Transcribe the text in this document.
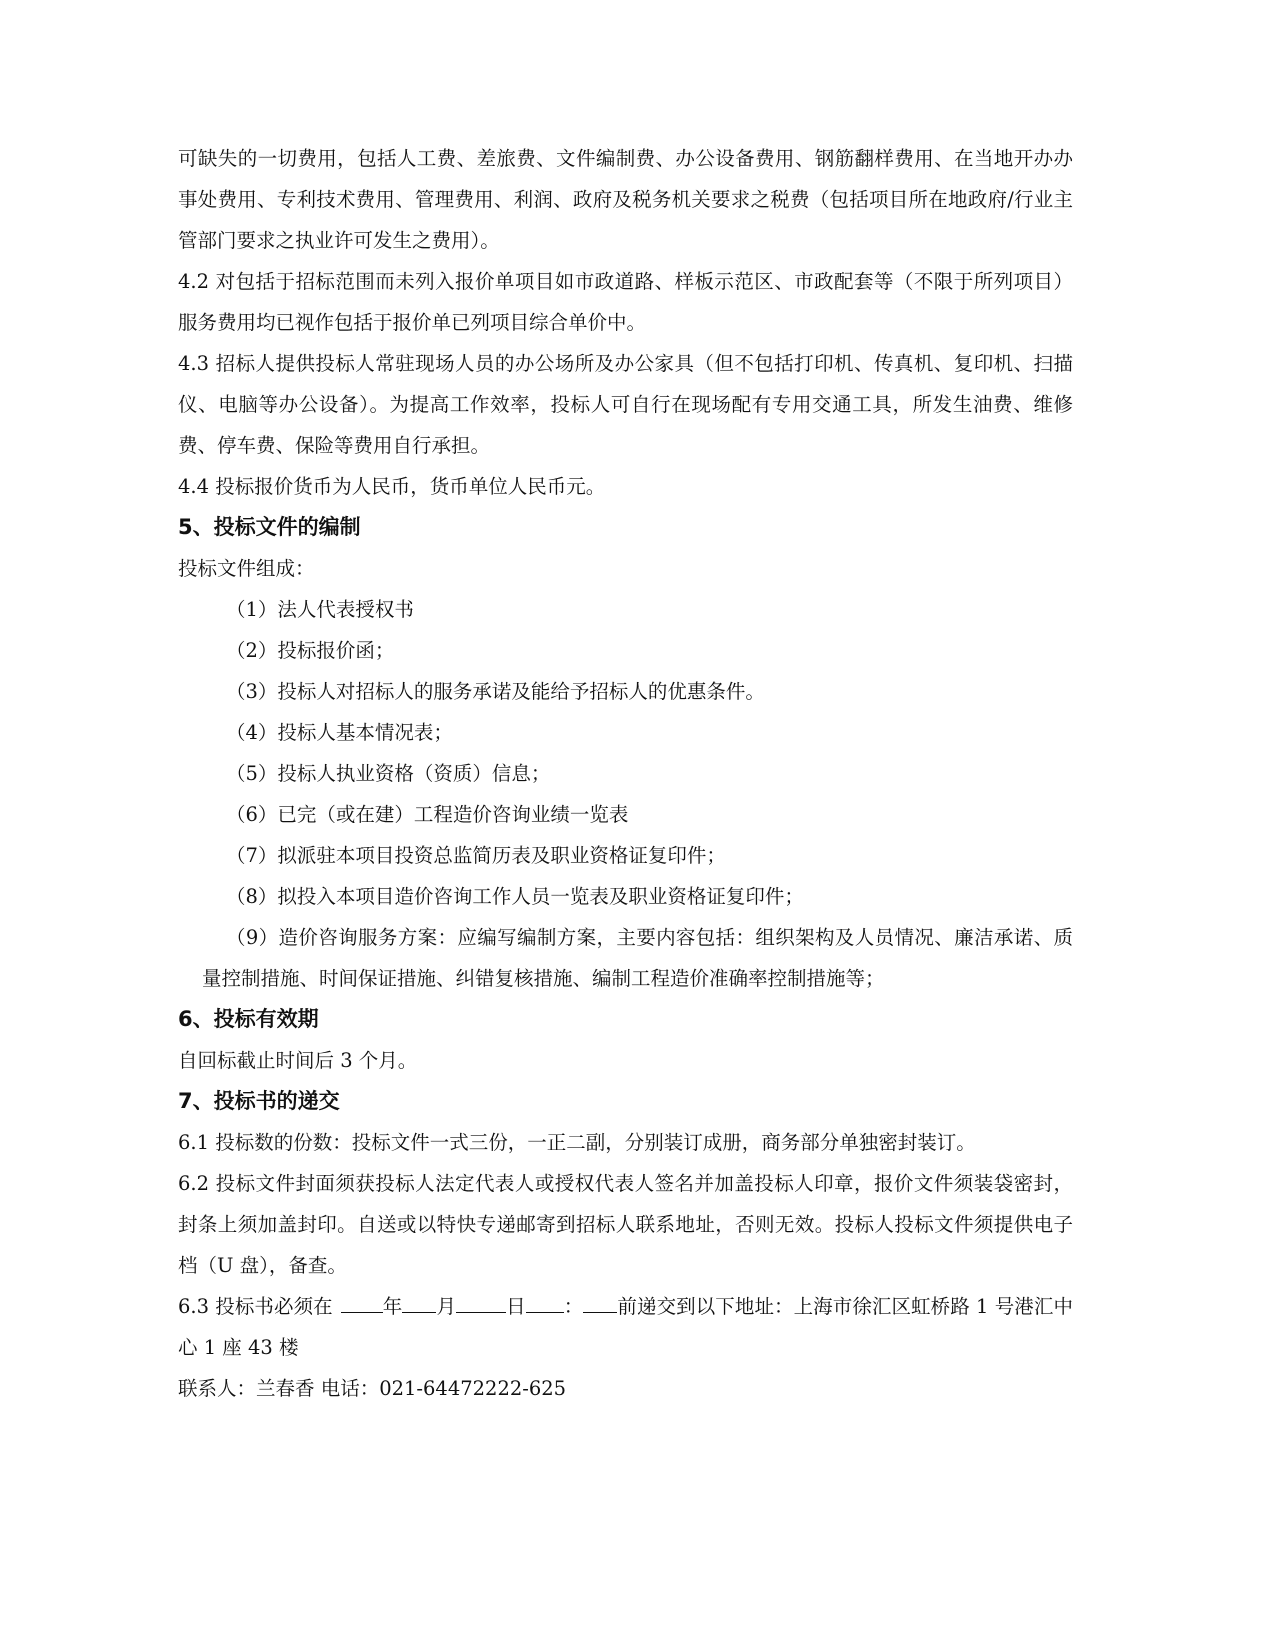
可缺失的一切费用，包括人工费、差旅费、文件编制费、办公设备费用、钢筋翻样费用、在当地开办办事处费用、专利技术费用、管理费用、利润、政府及税务机关要求之税费（包括项目所在地政府/行业主管部门要求之执业许可发生之费用）。

4.2 对包括于招标范围而未列入报价单项目如市政道路、样板示范区、市政配套等（不限于所列项目）服务费用均已视作包括于报价单已列项目综合单价中。

4.3 招标人提供投标人常驻现场人员的办公场所及办公家具（但不包括打印机、传真机、复印机、扫描仪、电脑等办公设备）。为提高工作效率，投标人可自行在现场配有专用交通工具，所发生油费、维修费、停车费、保险等费用自行承担。

4.4 投标报价货币为人民币，货币单位人民币元。

5、投标文件的编制

投标文件组成：

（1）法人代表授权书

（2）投标报价函；

（3）投标人对招标人的服务承诺及能给予招标人的优惠条件。

（4）投标人基本情况表；

（5）投标人执业资格（资质）信息；

（6）已完（或在建）工程造价咨询业绩一览表

（7）拟派驻本项目投资总监简历表及职业资格证复印件；

（8）拟投入本项目造价咨询工作人员一览表及职业资格证复印件；

（9）造价咨询服务方案：应编写编制方案，主要内容包括：组织架构及人员情况、廉洁承诺、质量控制措施、时间保证措施、纠错复核措施、编制工程造价准确率控制措施等；

6、投标有效期

自回标截止时间后 3 个月。

7、投标书的递交

6.1 投标数的份数：投标文件一式三份，一正二副，分别装订成册，商务部分单独密封装订。

6.2 投标文件封面须获投标人法定代表人或授权代表人签名并加盖投标人印章，报价文件须装袋密封，封条上须加盖封印。自送或以特快专递邮寄到招标人联系地址，否则无效。投标人投标文件须提供电子档（U 盘），备查。

6.3 投标书必须在	年 月	日 ： 前递交到以下地址：上海市徐汇区虹桥路 1 号港汇中心 1 座 43 楼

联系人：兰春香 电话：021-64472222-625
